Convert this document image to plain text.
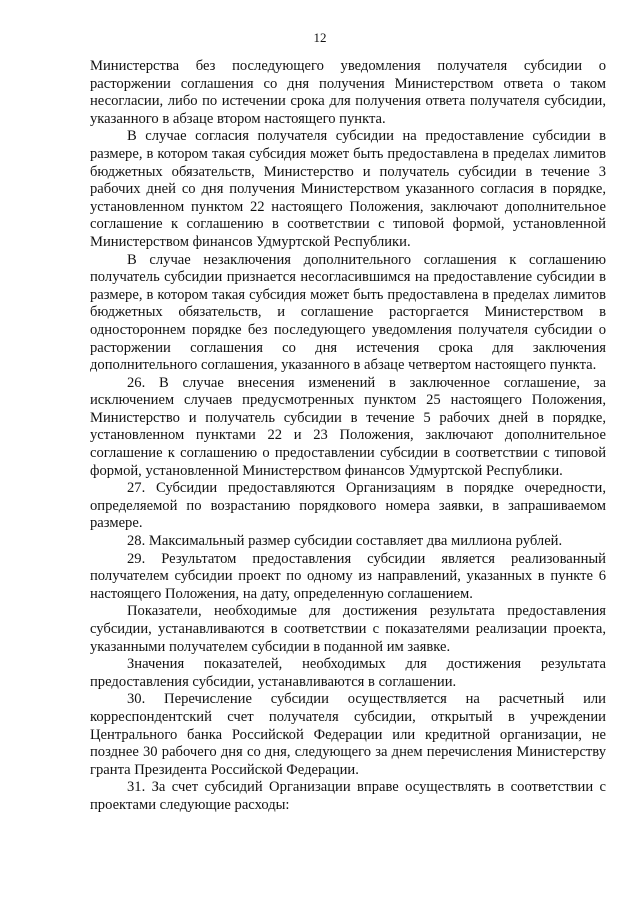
12

Министерства без последующего уведомления получателя субсидии о расторжении соглашения со дня получения Министерством ответа о таком несогласии, либо по истечении срока для получения ответа получателя субсидии, указанного в абзаце втором настоящего пункта.

В случае согласия получателя субсидии на предоставление субсидии в размере, в котором такая субсидия может быть предоставлена в пределах лимитов бюджетных обязательств, Министерство и получатель субсидии в течение 3 рабочих дней со дня получения Министерством указанного согласия в порядке, установленном пунктом 22 настоящего Положения, заключают дополнительное соглашение к соглашению в соответствии с типовой формой, установленной Министерством финансов Удмуртской Республики.

В случае незаключения дополнительного соглашения к соглашению получатель субсидии признается несогласившимся на предоставление субсидии в размере, в котором такая субсидия может быть предоставлена в пределах лимитов бюджетных обязательств, и соглашение расторгается Министерством в одностороннем порядке без последующего уведомления получателя субсидии о расторжении соглашения со дня истечения срока для заключения дополнительного соглашения, указанного в абзаце четвертом настоящего пункта.

26. В случае внесения изменений в заключенное соглашение, за исключением случаев предусмотренных пунктом 25 настоящего Положения, Министерство и получатель субсидии в течение 5 рабочих дней в порядке, установленном пунктами 22 и 23 Положения, заключают дополнительное соглашение к соглашению о предоставлении субсидии в соответствии с типовой формой, установленной Министерством финансов Удмуртской Республики.

27. Субсидии предоставляются Организациям в порядке очередности, определяемой по возрастанию порядкового номера заявки, в запрашиваемом размере.

28. Максимальный размер субсидии составляет два миллиона рублей.

29. Результатом предоставления субсидии является реализованный получателем субсидии проект по одному из направлений, указанных в пункте 6 настоящего Положения, на дату, определенную соглашением.

Показатели, необходимые для достижения результата предоставления субсидии, устанавливаются в соответствии с показателями реализации проекта, указанными получателем субсидии в поданной им заявке.

Значения показателей, необходимых для достижения результата предоставления субсидии, устанавливаются в соглашении.

30. Перечисление субсидии осуществляется на расчетный или корреспондентский счет получателя субсидии, открытый в учреждении Центрального банка Российской Федерации или кредитной организации, не позднее 30 рабочего дня со дня, следующего за днем перечисления Министерству гранта Президента Российской Федерации.

31. За счет субсидий Организации вправе осуществлять в соответствии с проектами следующие расходы:
